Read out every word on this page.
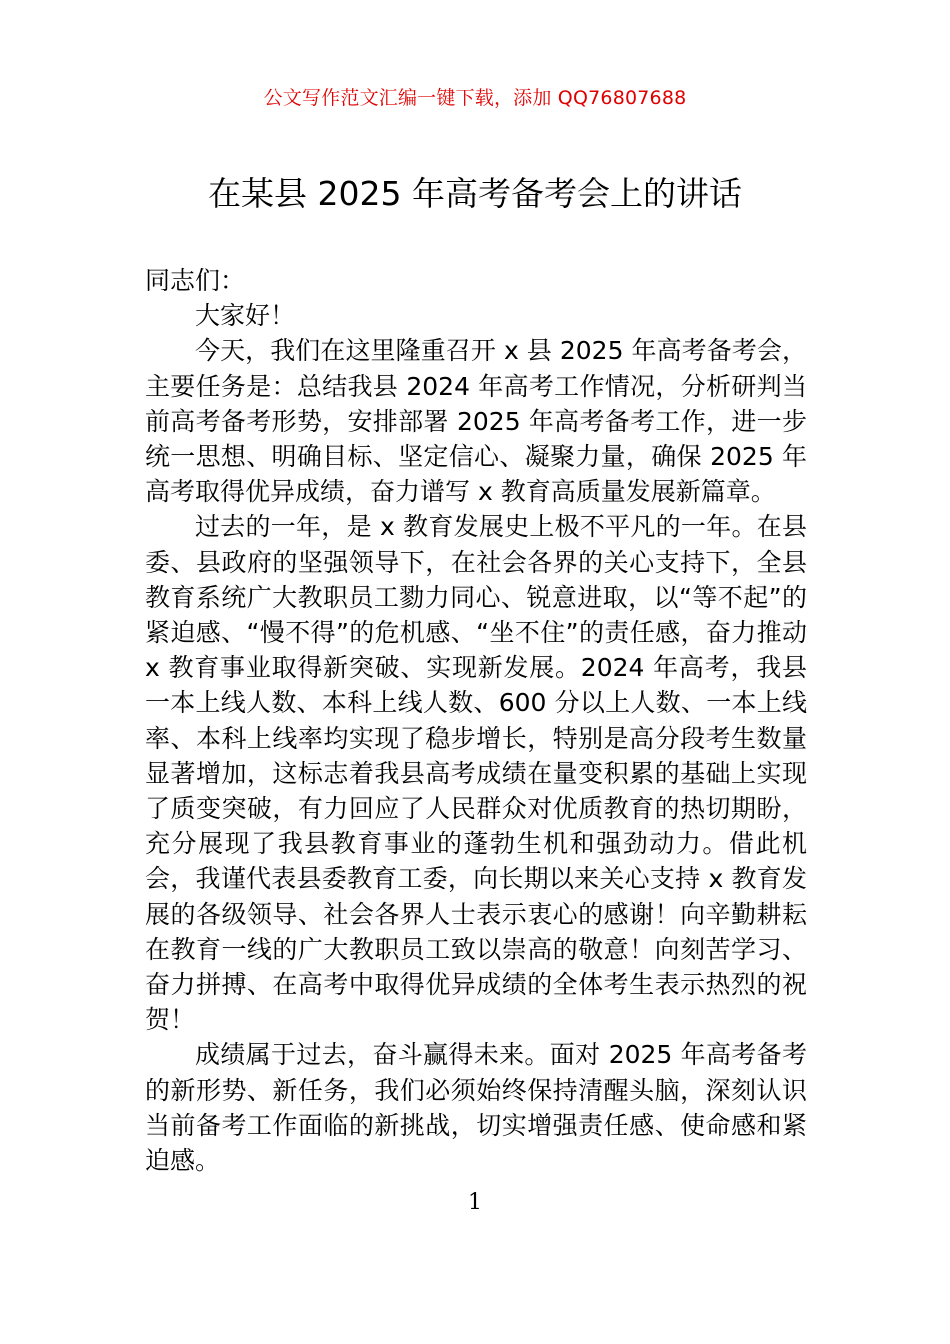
公文写作范文汇编一键下载，添加 QQ76807688
在某县 2025 年高考备考会上的讲话

同志们：

大家好！

今天，我们在这里隆重召开 x 县 2025 年高考备考会，主要任务是：总结我县 2024 年高考工作情况，分析研判当前高考备考形势，安排部署 2025 年高考备考工作，进一步统一思想、明确目标、坚定信心、凝聚力量，确保 2025 年高考取得优异成绩，奋力谱写 x 教育高质量发展新篇章。

过去的一年，是 x 教育发展史上极不平凡的一年。在县委、县政府的坚强领导下，在社会各界的关心支持下，全县教育系统广大教职员工勠力同心、锐意进取，以“等不起”的紧迫感、“慢不得”的危机感、“坐不住”的责任感，奋力推动 x 教育事业取得新突破、实现新发展。2024 年高考，我县一本上线人数、本科上线人数、600 分以上人数、一本上线率、本科上线率均实现了稳步增长，特别是高分段考生数量显著增加，这标志着我县高考成绩在量变积累的基础上实现了质变突破，有力回应了人民群众对优质教育的热切期盼，充分展现了我县教育事业的蓬勃生机和强劲动力。借此机会，我谨代表县委教育工委，向长期以来关心支持 x 教育发展的各级领导、社会各界人士表示衷心的感谢！向辛勤耕耘在教育一线的广大教职员工致以崇高的敬意！向刻苦学习、奋力拼搏、在高考中取得优异成绩的全体考生表示热烈的祝贺！

成绩属于过去，奋斗赢得未来。面对 2025 年高考备考的新形势、新任务，我们必须始终保持清醒头脑，深刻认识当前备考工作面临的新挑战，切实增强责任感、使命感和紧迫感。

1
